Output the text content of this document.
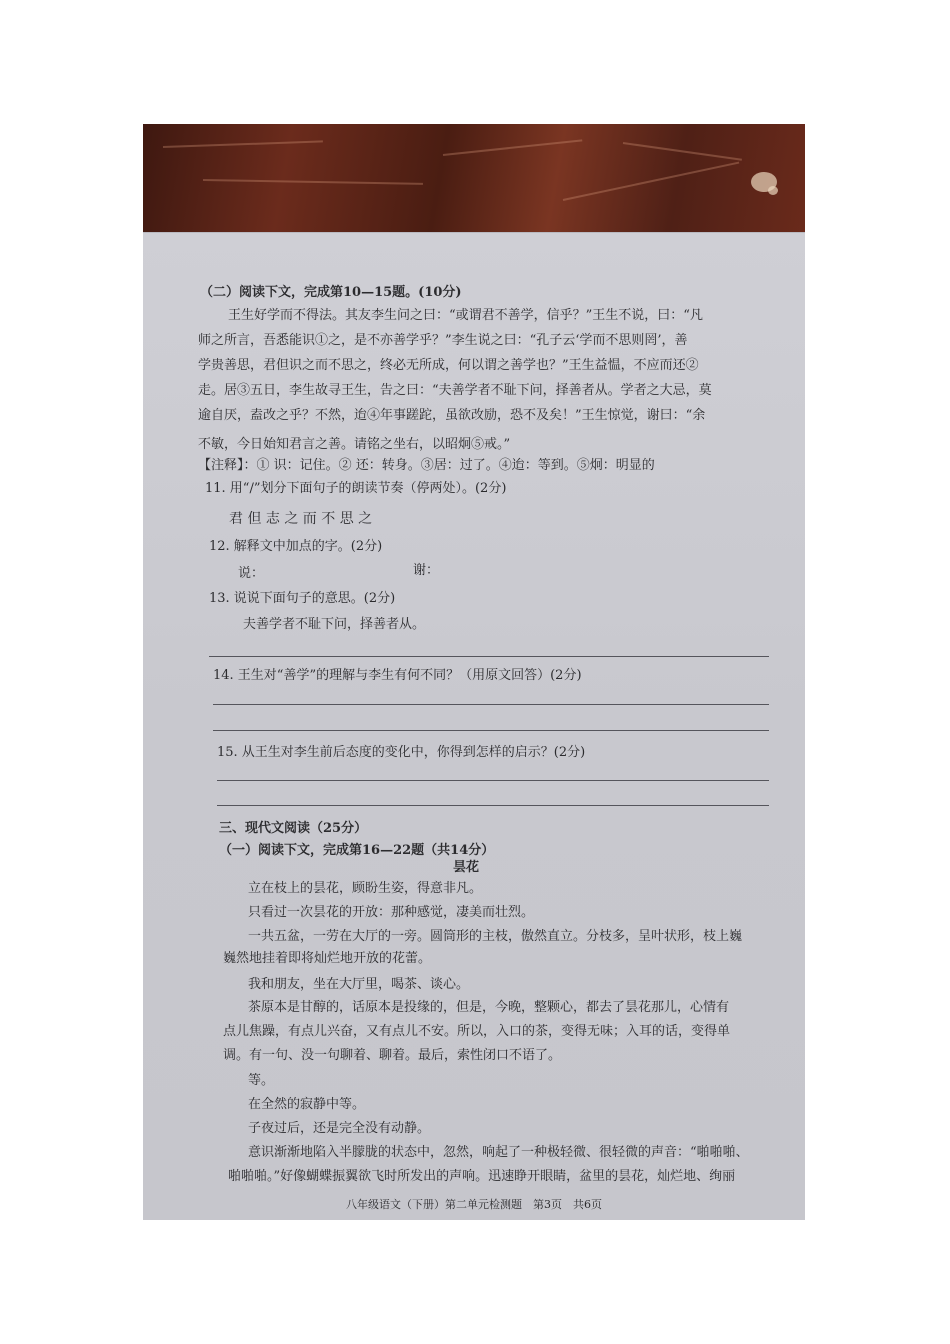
（二）阅读下文，完成第10—15题。(10分)
王生好学而不得法。其友李生问之曰：“或谓君不善学，信乎？”王生不说，曰：“凡
师之所言，吾悉能识①之，是不亦善学乎？”李生说之曰：“孔子云‘学而不思则罔’，善
学贵善思，君但识之而不思之，终必无所成，何以谓之善学也？”王生益愠，不应而还②
走。居③五日，李生故寻王生，告之曰：“夫善学者不耻下问，择善者从。学者之大忌，莫
逾自厌，盍改之乎？不然，迨④年事蹉跎，虽欲改励，恐不及矣！”王生惊觉，谢曰：“余
不敏，今日始知君言之善。请铭之坐右，以昭炯⑤戒。”
【注释】：① 识：记住。② 还：转身。③居：过了。④迨：等到。⑤炯：明显的
11. 用“/”划分下面句子的朗读节奏（停两处）。(2分)
君 但 志 之 而 不 思 之
12. 解释文中加点的字。(2分)
说：	谢：
13. 说说下面句子的意思。(2分)
夫善学者不耻下问，择善者从。
14. 王生对“善学”的理解与李生有何不同？（用原文回答）(2分)
15. 从王生对李生前后态度的变化中，你得到怎样的启示？(2分)
三、现代文阅读（25分）
（一）阅读下文，完成第16—22题（共14分）
昙花
立在枝上的昙花，顾盼生姿，得意非凡。
只看过一次昙花的开放：那种感觉，凄美而壮烈。
一共五盆，一劳在大厅的一旁。圆筒形的主枝，傲然直立。分枝多，呈叶状形，枝上巍
巍然地挂着即将灿烂地开放的花蕾。
我和朋友，坐在大厅里，喝茶、谈心。
茶原本是甘醇的，话原本是投缘的，但是，今晚，整颗心，都去了昙花那儿，心情有
点儿焦躁，有点儿兴奋，又有点儿不安。所以，入口的茶，变得无味；入耳的话，变得单
调。有一句、没一句聊着、聊着。最后，索性闭口不语了。
等。
在全然的寂静中等。
子夜过后，还是完全没有动静。
意识渐渐地陷入半朦胧的状态中，忽然，响起了一种极轻微、很轻微的声音：“啪啪啪、
啪啪啪。”好像蝴蝶振翼欲飞时所发出的声响。迅速睁开眼睛，盆里的昙花，灿烂地、绚丽
八年级语文（下册）第二单元检测题　第3页　共6页
